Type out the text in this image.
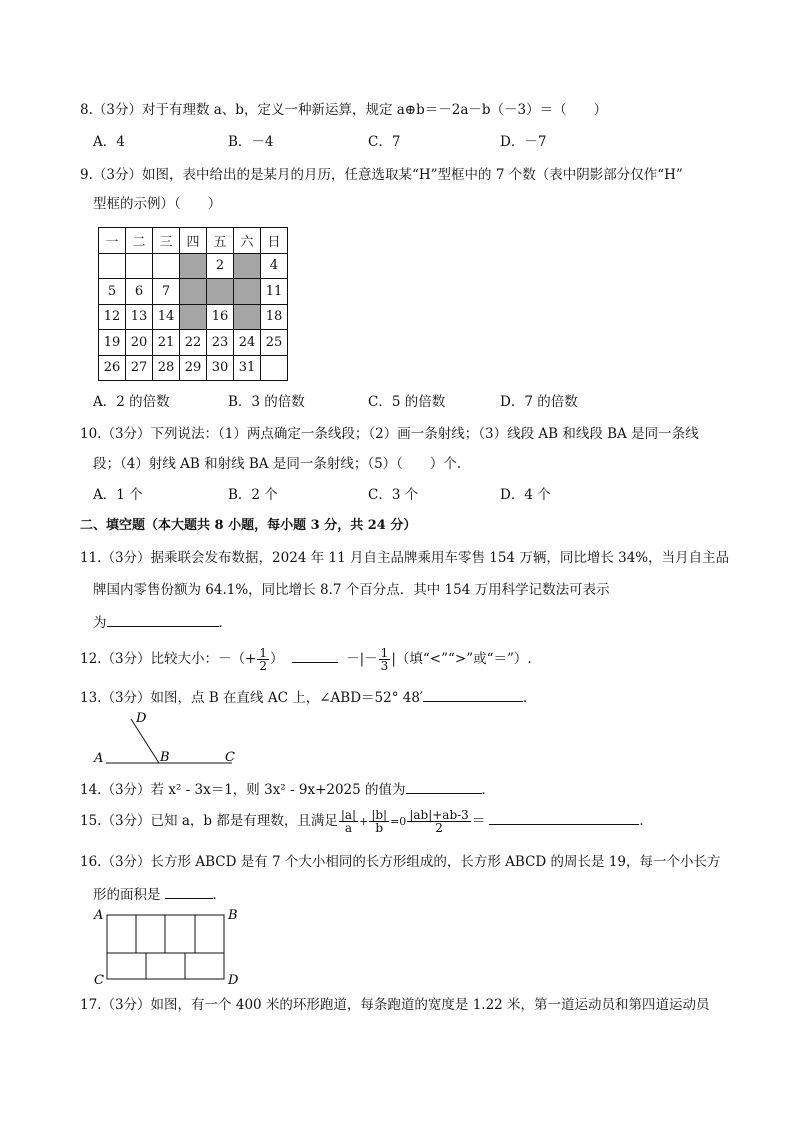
8.（3分）对于有理数 a、b，定义一种新运算，规定 a⊕b＝－2a－b（－3）＝（　　）
A．4	B．－4	C．7	D．－7
9.（3分）如图，表中给出的是某月的月历，任意选取某“H”型框中的 7 个数（表中阴影部分仅作“H”
型框的示例）（　　）
一	二	三	四	五	六	日
				2		4
5	6	7				11
12	13	14		16		18
19	20	21	22	23	24	25
26	27	28	29	30	31	
A．2 的倍数	B．3 的倍数	C．5 的倍数	D．7 的倍数
10.（3分）下列说法：（1）两点确定一条线段；（2）画一条射线；（3）线段 AB 和线段 BA 是同一条线
段；（4）射线 AB 和射线 BA 是同一条射线；（5）（　　）个.
A．1 个	B．2 个	C．3 个	D．4 个
二、填空题（本大题共 8 小题，每小题 3 分，共 24 分）
11.（3分）据乘联会发布数据，2024 年 11 月自主品牌乘用车零售 154 万辆，同比增长 34%，当月自主品
牌国内零售份额为 64.1%，同比增长 8.7 个百分点．其中 154 万用科学记数法可表示
为	．
12.（3分）比较大小：－（+ $\frac{1}{2}$ ）	－|－ $\frac{1}{3}$ |（填“<”“>”或“＝”）.
13.（3分）如图，点 B 在直线 AC 上，∠ABD＝52° 48′	．
A	B	C
D
14.（3分）若 x² - 3x＝1，则 3x² - 9x+2025 的值为	．
15.（3分）已知 a，b 都是有理数，且满足 $\frac{|a|}{a} + \frac{|b|}{b} =0 \frac{|ab|+ab-3}{2}$ ＝	．
16.（3分）长方形 ABCD 是有 7 个大小相同的长方形组成的，长方形 ABCD 的周长是 19，每一个小长方
形的面积是	．
A	B
C	D
17.（3分）如图，有一个 400 米的环形跑道，每条跑道的宽度是 1.22 米，第一道运动员和第四道运动员
